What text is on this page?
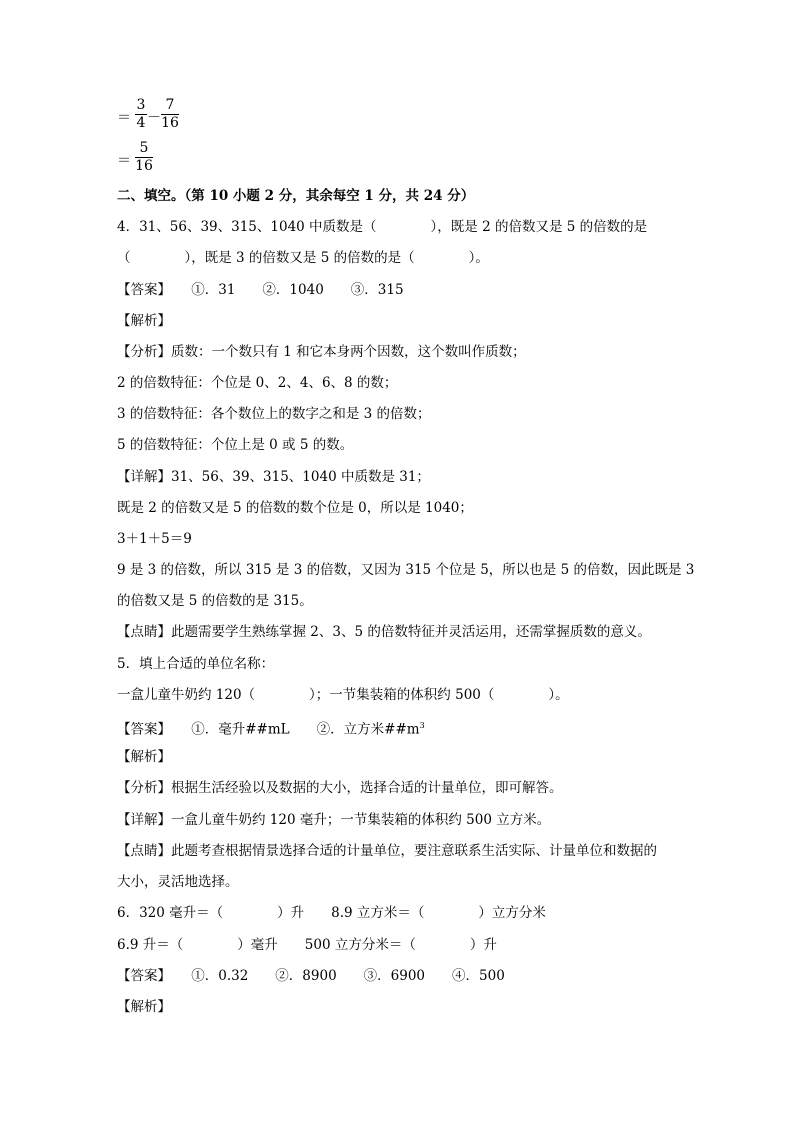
＝ $\frac{3}{4} - \frac{7}{16}$
＝ $\frac{5}{16}$
二、填空。（第 10 小题 2 分，其余每空 1 分，共 24 分）
4．31、56、39、315、1040 中质数是（　　　　），既是 2 的倍数又是 5 的倍数的是
（　　　　），既是 3 的倍数又是 5 的倍数的是（　　　　）。
【答案】　　①．31　　②．1040　　③．315
【解析】
【分析】质数：一个数只有 1 和它本身两个因数，这个数叫作质数；
2 的倍数特征：个位是 0、2、4、6、8 的数；
3 的倍数特征：各个数位上的数字之和是 3 的倍数；
5 的倍数特征：个位上是 0 或 5 的数。
【详解】31、56、39、315、1040 中质数是 31；
既是 2 的倍数又是 5 的倍数的数个位是 0，所以是 1040；
3＋1＋5＝9
9 是 3 的倍数，所以 315 是 3 的倍数，又因为 315 个位是 5，所以也是 5 的倍数，因此既是 3
的倍数又是 5 的倍数的是 315。
【点睛】此题需要学生熟练掌握 2、3、5 的倍数特征并灵活运用，还需掌握质数的意义。
5．填上合适的单位名称：
一盒儿童牛奶约 120（　　　　）；一节集装箱的体积约 500（　　　　）。
【答案】　　①．毫升##mL　　②．立方米$\#\#m^3$
【解析】
【分析】根据生活经验以及数据的大小，选择合适的计量单位，即可解答。
【详解】一盒儿童牛奶约 120 毫升；一节集装箱的体积约 500 立方米。
【点睛】此题考查根据情景选择合适的计量单位，要注意联系生活实际、计量单位和数据的
大小，灵活地选择。
6．320 毫升＝（　　　　）升　　8.9 立方米＝（　　　　）立方分米
6.9 升＝（　　　　）毫升　　500 立方分米＝（　　　　）升
【答案】　　①．0.32　　②．8900　　③．6900　　④．500
【解析】
